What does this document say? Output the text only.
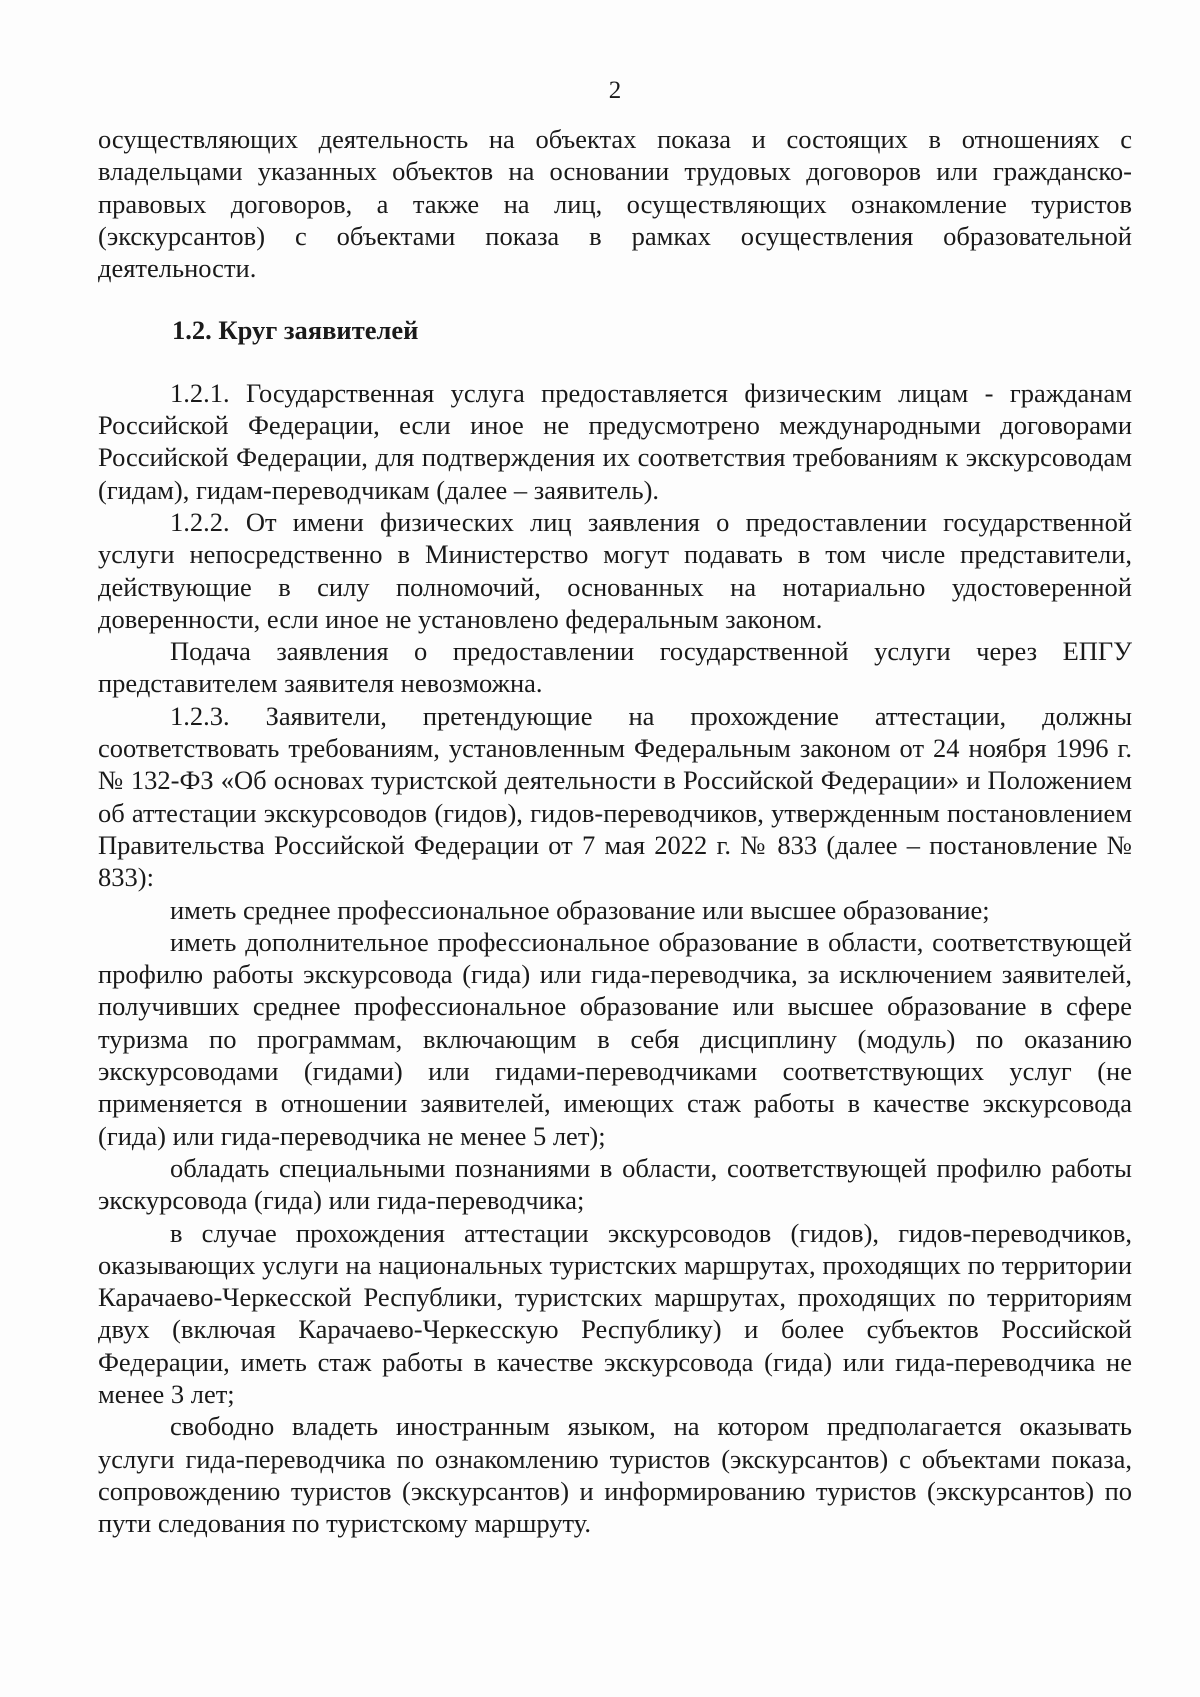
2

осуществляющих деятельность на объектах показа и состоящих в отношениях с владельцами указанных объектов на основании трудовых договоров или гражданско-правовых договоров, а также на лиц, осуществляющих ознакомление туристов (экскурсантов) с объектами показа в рамках осуществления образовательной деятельности.

1.2. Круг заявителей

1.2.1. Государственная услуга предоставляется физическим лицам - гражданам Российской Федерации, если иное не предусмотрено международными договорами Российской Федерации, для подтверждения их соответствия требованиям к экскурсоводам (гидам), гидам-переводчикам (далее – заявитель).

1.2.2. От имени физических лиц заявления о предоставлении государственной услуги непосредственно в Министерство могут подавать в том числе представители, действующие в силу полномочий, основанных на нотариально удостоверенной доверенности, если иное не установлено федеральным законом.

Подача заявления о предоставлении государственной услуги через ЕПГУ представителем заявителя невозможна.

1.2.3. Заявители, претендующие на прохождение аттестации, должны соответствовать требованиям, установленным Федеральным законом от 24 ноября 1996 г. № 132-ФЗ «Об основах туристской деятельности в Российской Федерации» и Положением об аттестации экскурсоводов (гидов), гидов-переводчиков, утвержденным постановлением Правительства Российской Федерации от 7 мая 2022 г. № 833 (далее – постановление № 833):

иметь среднее профессиональное образование или высшее образование;

иметь дополнительное профессиональное образование в области, соответствующей профилю работы экскурсовода (гида) или гида-переводчика, за исключением заявителей, получивших среднее профессиональное образование или высшее образование в сфере туризма по программам, включающим в себя дисциплину (модуль) по оказанию экскурсоводами (гидами) или гидами-переводчиками соответствующих услуг (не применяется в отношении заявителей, имеющих стаж работы в качестве экскурсовода (гида) или гида-переводчика не менее 5 лет);

обладать специальными познаниями в области, соответствующей профилю работы экскурсовода (гида) или гида-переводчика;

в случае прохождения аттестации экскурсоводов (гидов), гидов-переводчиков, оказывающих услуги на национальных туристских маршрутах, проходящих по территории Карачаево-Черкесской Республики, туристских маршрутах, проходящих по территориям двух (включая Карачаево-Черкесскую Республику) и более субъектов Российской Федерации, иметь стаж работы в качестве экскурсовода (гида) или гида-переводчика не менее 3 лет;

свободно владеть иностранным языком, на котором предполагается оказывать услуги гида-переводчика по ознакомлению туристов (экскурсантов) с объектами показа, сопровождению туристов (экскурсантов) и информированию туристов (экскурсантов) по пути следования по туристскому маршруту.
